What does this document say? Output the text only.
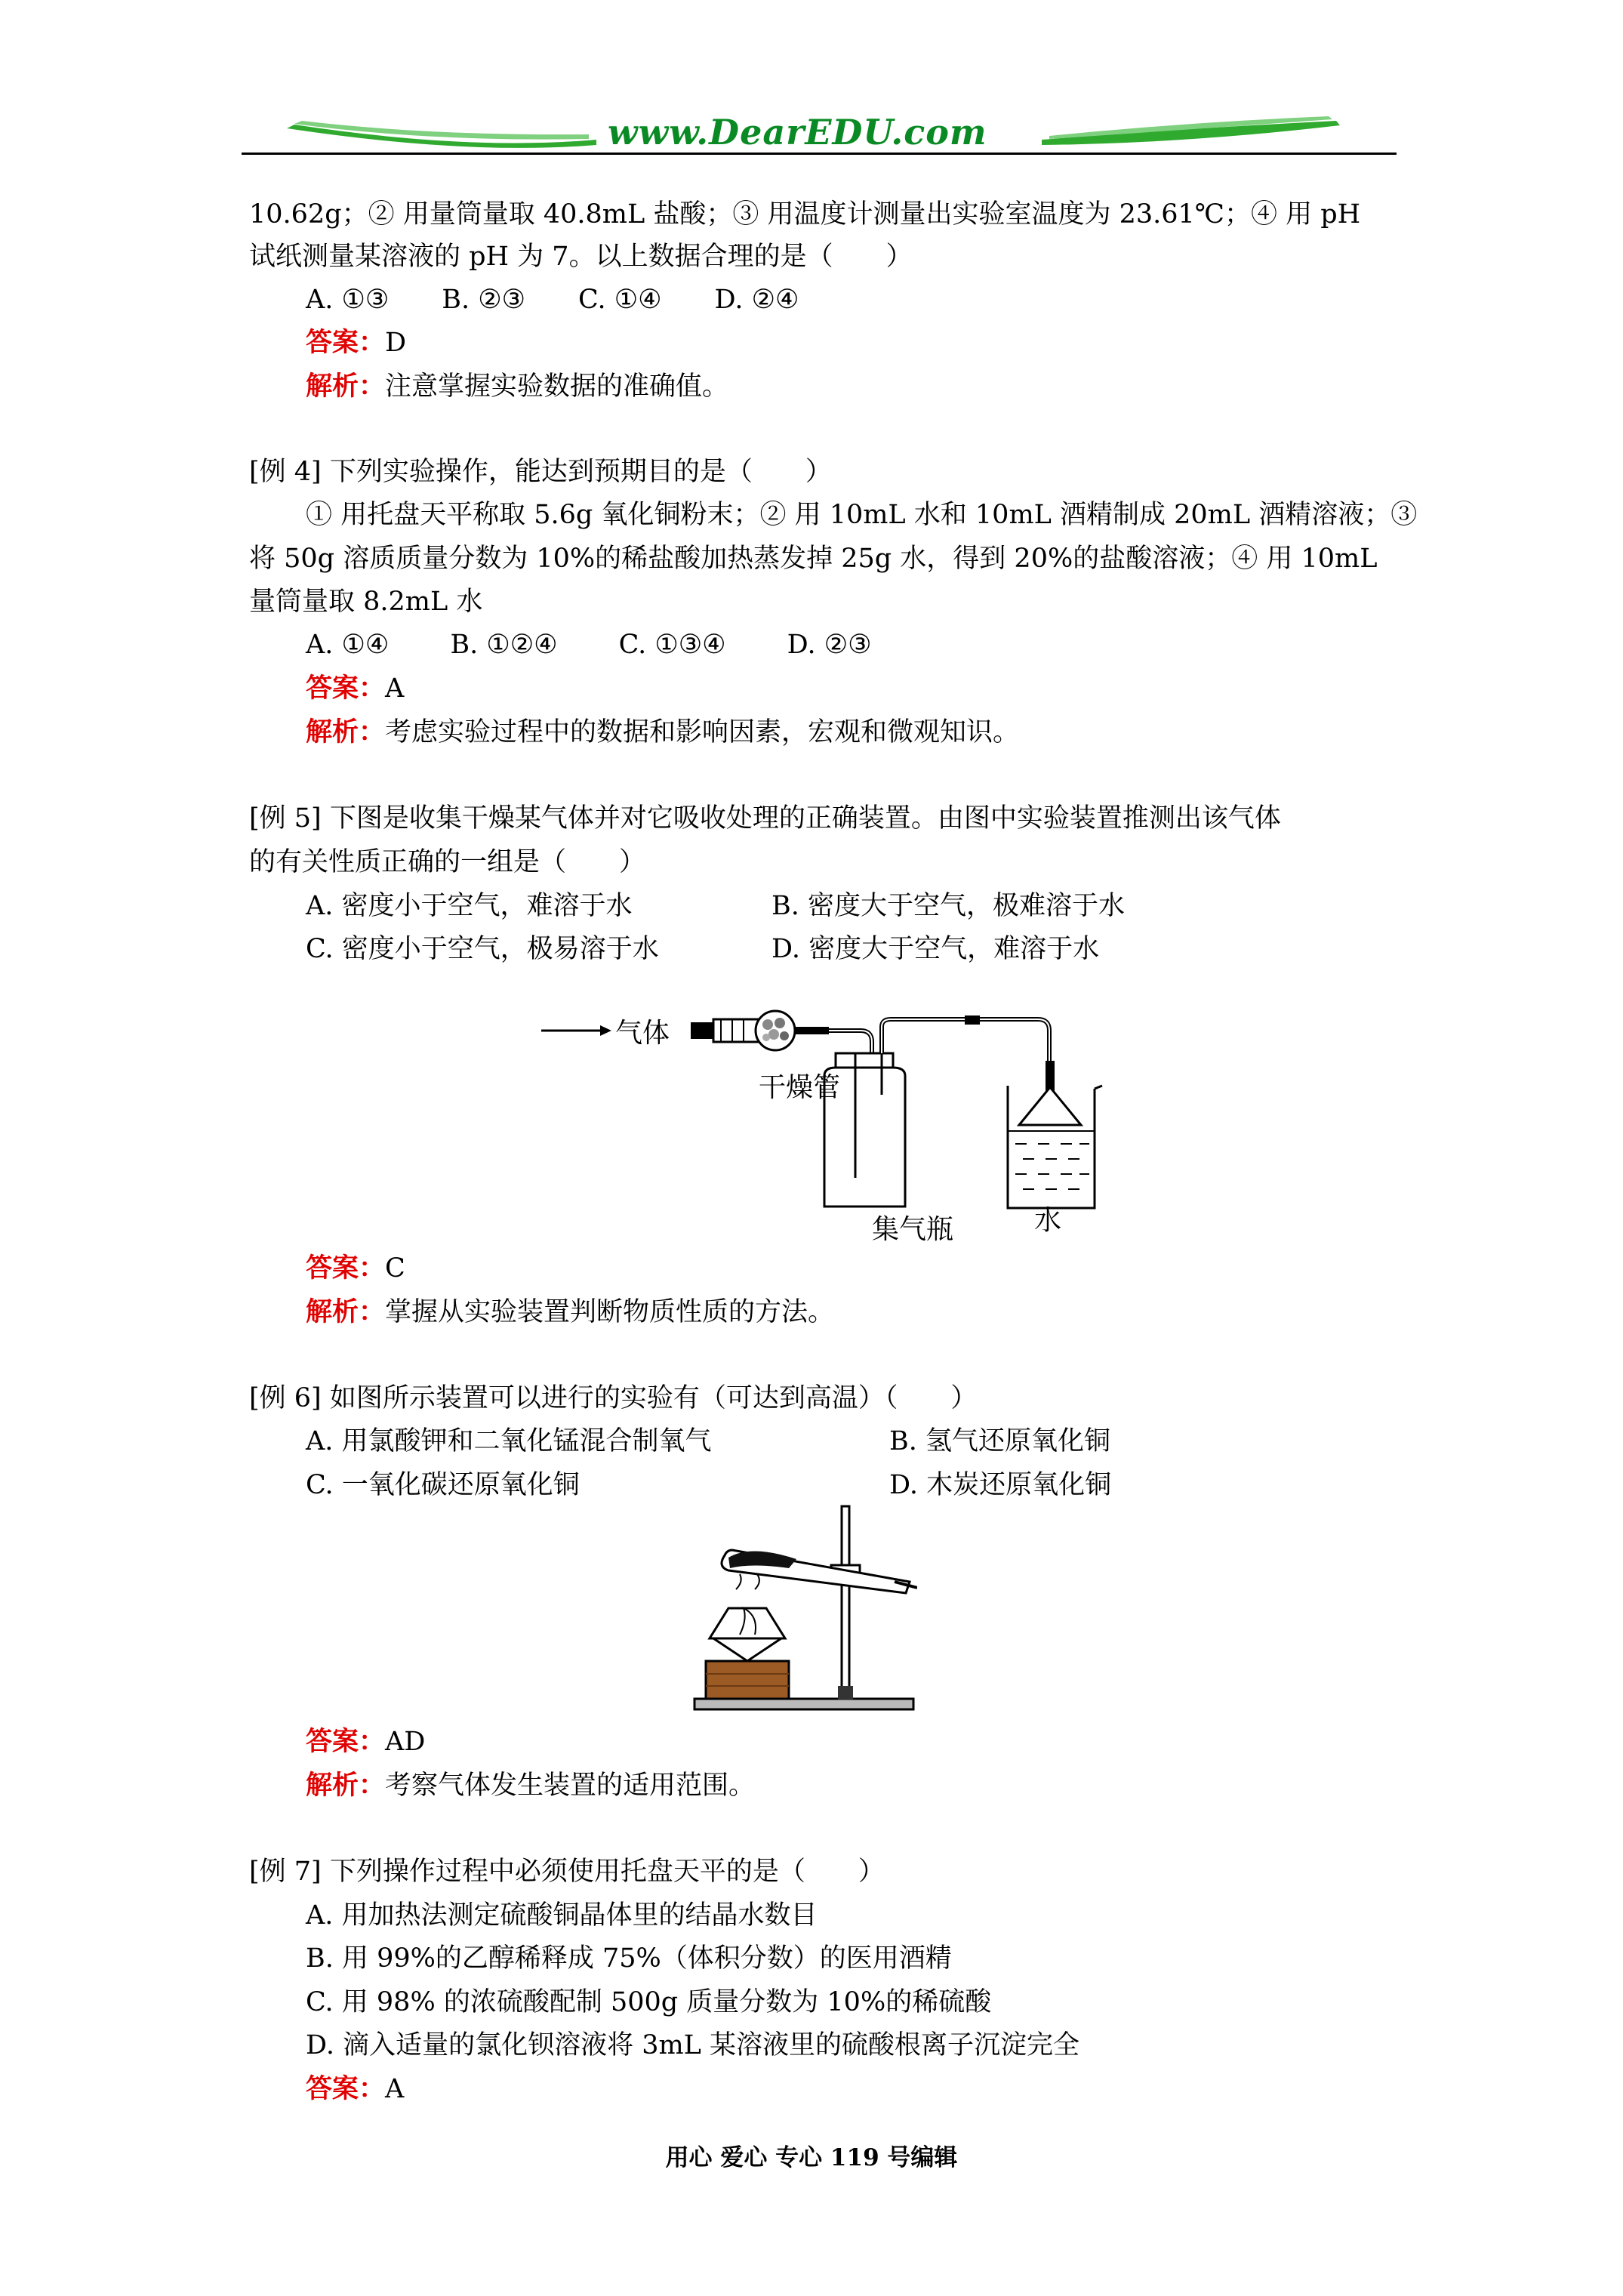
www.DearEDU.com
10.62g；② 用量筒量取 40.8mL 盐酸；③ 用温度计测量出实验室温度为 23.61℃；④ 用 pH
试纸测量某溶液的 pH 为 7。以上数据合理的是（　　）
A. ①③　　B. ②③　　C. ①④　　D. ②④
答案：D
解析：注意掌握实验数据的准确值。
[例 4] 下列实验操作，能达到预期目的是（　　）
① 用托盘天平称取 5.6g 氧化铜粉末；② 用 10mL 水和 10mL 酒精制成 20mL 酒精溶液；③
将 50g 溶质质量分数为 10%的稀盐酸加热蒸发掉 25g 水，得到 20%的盐酸溶液；④ 用 10mL
量筒量取 8.2mL 水
A. ①④　　 B. ①②④　　 C. ①③④　　 D. ②③
答案：A
解析：考虑实验过程中的数据和影响因素，宏观和微观知识。
[例 5] 下图是收集干燥某气体并对它吸收处理的正确装置。由图中实验装置推测出该气体
的有关性质正确的一组是（　　）
A. 密度小于空气，难溶于水	B. 密度大于空气，极难溶于水
C. 密度小于空气，极易溶于水	D. 密度大于空气，难溶于水
气体
干燥管
集气瓶	水
答案：C
解析：掌握从实验装置判断物质性质的方法。
[例 6] 如图所示装置可以进行的实验有（可达到高温）（　　）
A. 用氯酸钾和二氧化锰混合制氧气	B. 氢气还原氧化铜
C. 一氧化碳还原氧化铜	D. 木炭还原氧化铜
答案：AD
解析：考察气体发生装置的适用范围。
[例 7] 下列操作过程中必须使用托盘天平的是（　　）
A. 用加热法测定硫酸铜晶体里的结晶水数目
B. 用 99%的乙醇稀释成 75%（体积分数）的医用酒精
C. 用 98% 的浓硫酸配制 500g 质量分数为 10%的稀硫酸
D. 滴入适量的氯化钡溶液将 3mL 某溶液里的硫酸根离子沉淀完全
答案：A
用心 爱心 专心 119 号编辑
